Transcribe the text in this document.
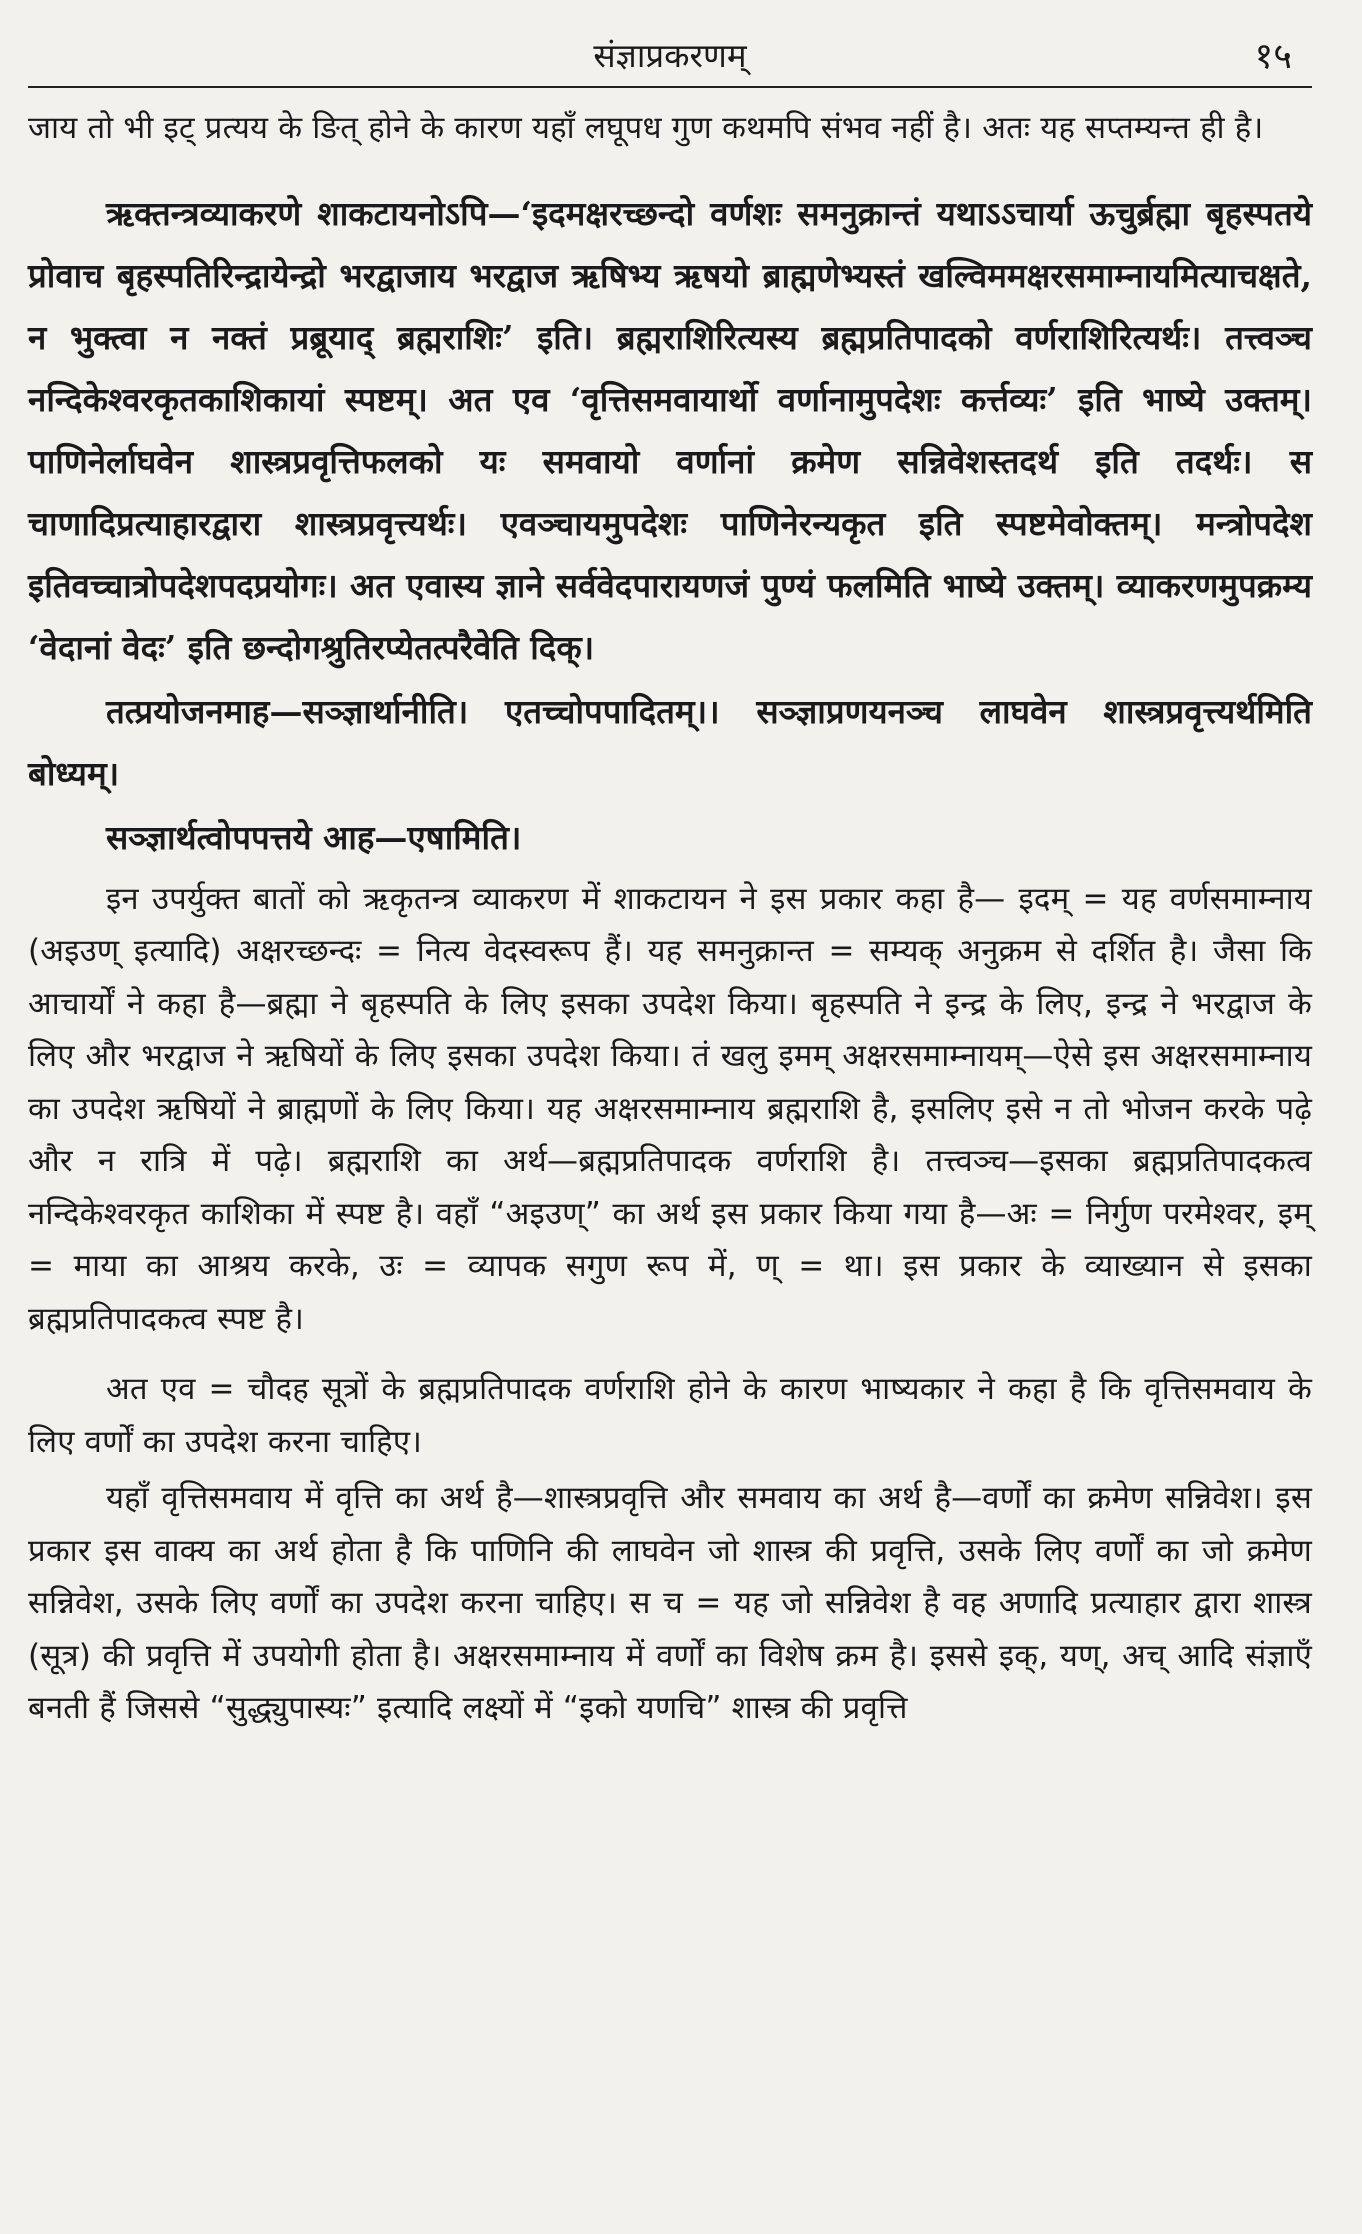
संज्ञाप्रकरणम्	१५

जाय तो भी इट् प्रत्यय के ङित् होने के कारण यहाँ लघूपध गुण कथमपि संभव नहीं है। अतः यह सप्तम्यन्त ही है।

ऋक्तन्त्रव्याकरणे शाकटायनोऽपि—‘इदमक्षरच्छन्दो वर्णशः समनुक्रान्तं यथाऽऽचार्या ऊचुर्ब्रह्मा बृहस्पतये प्रोवाच बृहस्पतिरिन्द्रायेन्द्रो भरद्वाजाय भरद्वाज ऋषिभ्य ऋषयो ब्राह्मणेभ्यस्तं खल्विममक्षरसमाम्नायमित्याचक्षते, न भुक्त्वा न नक्तं प्रब्रूयाद् ब्रह्मराशिः’ इति। ब्रह्मराशिरित्यस्य ब्रह्मप्रतिपादको वर्णराशिरित्यर्थः। तत्त्वञ्च नन्दिकेश्वरकृतकाशिकायां स्पष्टम्। अत एव ‘वृत्तिसमवायार्थो वर्णानामुपदेशः कर्त्तव्यः’ इति भाष्ये उक्तम्। पाणिनेर्लाघवेन शास्त्रप्रवृत्तिफलको यः समवायो वर्णानां क्रमेण सन्निवेशस्तदर्थ इति तदर्थः। स चाणादिप्रत्याहारद्वारा शास्त्रप्रवृत्त्यर्थः। एवञ्चायमुपदेशः पाणिनेरन्यकृत इति स्पष्टमेवोक्तम्। मन्त्रोपदेश इतिवच्चात्रोपदेशपदप्रयोगः। अत एवास्य ज्ञाने सर्ववेदपारायणजं पुण्यं फलमिति भाष्ये उक्तम्। व्याकरणमुपक्रम्य ‘वेदानां वेदः’ इति छन्दोगश्रुतिरप्येतत्परैवेति दिक्।

तत्प्रयोजनमाह—सञ्ज्ञार्थानीति। एतच्चोपपादितम्।। सञ्ज्ञाप्रणयनञ्च लाघवेन शास्त्रप्रवृत्त्यर्थमिति बोध्यम्।

सञ्ज्ञार्थत्वोपपत्तये आह—एषामिति।

इन उपर्युक्त बातों को ऋकृतन्त्र व्याकरण में शाकटायन ने इस प्रकार कहा है— इदम् = यह वर्णसमाम्नाय (अइउण् इत्यादि) अक्षरच्छन्दः = नित्य वेदस्वरूप हैं। यह समनुक्रान्त = सम्यक् अनुक्रम से दर्शित है। जैसा कि आचार्यों ने कहा है—ब्रह्मा ने बृहस्पति के लिए इसका उपदेश किया। बृहस्पति ने इन्द्र के लिए, इन्द्र ने भरद्वाज के लिए और भरद्वाज ने ऋषियों के लिए इसका उपदेश किया। तं खलु इमम् अक्षरसमाम्नायम्—ऐसे इस अक्षरसमाम्नाय का उपदेश ऋषियों ने ब्राह्मणों के लिए किया। यह अक्षरसमाम्नाय ब्रह्मराशि है, इसलिए इसे न तो भोजन करके पढ़े और न रात्रि में पढ़े। ब्रह्मराशि का अर्थ—ब्रह्मप्रतिपादक वर्णराशि है। तत्त्वञ्च—इसका ब्रह्मप्रतिपादकत्व नन्दिकेश्वरकृत काशिका में स्पष्ट है। वहाँ “अइउण्” का अर्थ इस प्रकार किया गया है—अः = निर्गुण परमेश्वर, इम् = माया का आश्रय करके, उः = व्यापक सगुण रूप में, ण् = था। इस प्रकार के व्याख्यान से इसका ब्रह्मप्रतिपादकत्व स्पष्ट है।

अत एव = चौदह सूत्रों के ब्रह्मप्रतिपादक वर्णराशि होने के कारण भाष्यकार ने कहा है कि वृत्तिसमवाय के लिए वर्णों का उपदेश करना चाहिए।

यहाँ वृत्तिसमवाय में वृत्ति का अर्थ है—शास्त्रप्रवृत्ति और समवाय का अर्थ है—वर्णों का क्रमेण सन्निवेश। इस प्रकार इस वाक्य का अर्थ होता है कि पाणिनि की लाघवेन जो शास्त्र की प्रवृत्ति, उसके लिए वर्णों का जो क्रमेण सन्निवेश, उसके लिए वर्णों का उपदेश करना चाहिए। स च = यह जो सन्निवेश है वह अणादि प्रत्याहार द्वारा शास्त्र (सूत्र) की प्रवृत्ति में उपयोगी होता है। अक्षरसमाम्नाय में वर्णों का विशेष क्रम है। इससे इक्, यण्, अच् आदि संज्ञाएँ बनती हैं जिससे “सुद्ध्युपास्यः” इत्यादि लक्ष्यों में “इको यणचि” शास्त्र की प्रवृत्ति
